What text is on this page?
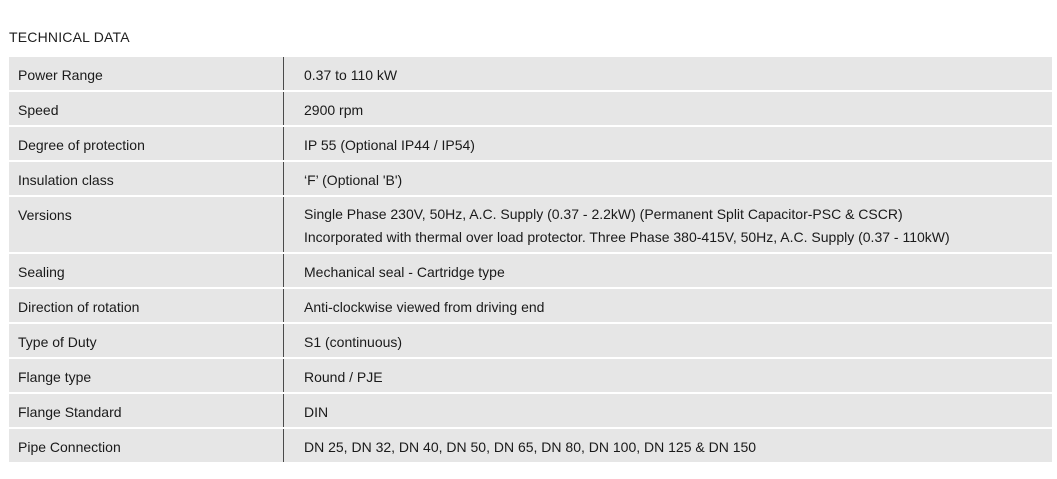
TECHNICAL DATA
Power Range	0.37 to 110 kW

Speed	2900 rpm

Degree of protection	IP 55 (Optional IP44 / IP54)

Insulation class	‘F’ (Optional 'B')

Versions	Single Phase 230V, 50Hz, A.C. Supply (0.37 - 2.2kW) (Permanent Split Capacitor-PSC & CSCR)
Incorporated with thermal over load protector. Three Phase 380-415V, 50Hz, A.C. Supply (0.37 - 110kW)

Sealing	Mechanical seal - Cartridge type

Direction of rotation	Anti-clockwise viewed from driving end

Type of Duty	S1 (continuous)

Flange type	Round / PJE

Flange Standard	DIN

Pipe Connection	DN 25, DN 32, DN 40, DN 50, DN 65, DN 80, DN 100, DN 125 & DN 150
